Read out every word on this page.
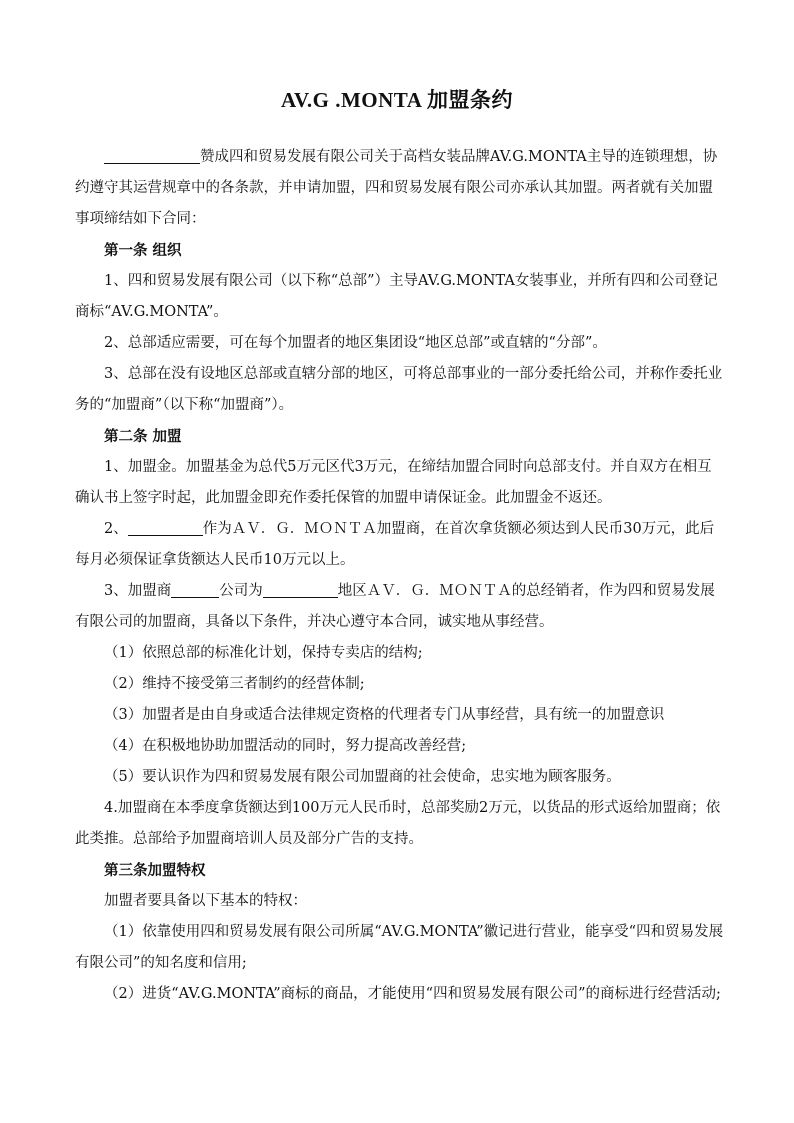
AV.G .MONTA 加盟条约

赞成四和贸易发展有限公司关于高档女装品牌AV.G.MONTA主导的连锁理想，协约遵守其运营规章中的各条款，并申请加盟，四和贸易发展有限公司亦承认其加盟。两者就有关加盟事项缔结如下合同：

第一条 组织

1、四和贸易发展有限公司（以下称“总部”）主导AV.G.MONTA女装事业，并所有四和公司登记商标“AV.G.MONTA”。

2、总部适应需要，可在每个加盟者的地区集团设“地区总部”或直辖的“分部”。

3、总部在没有设地区总部或直辖分部的地区，可将总部事业的一部分委托给公司，并称作委托业务的“加盟商”（以下称“加盟商”）。

第二条 加盟

1、加盟金。加盟基金为总代5万元区代3万元，在缔结加盟合同时向总部支付。并自双方在相互确认书上签字时起，此加盟金即充作委托保管的加盟申请保证金。此加盟金不返还。

2、	作为ＡＶ．Ｇ．ＭＯＮＴＡ加盟商，在首次拿货额必须达到人民币30万元，此后每月必须保证拿货额达人民币10万元以上。

3、加盟商	公司为	地区ＡＶ．Ｇ．ＭＯＮＴＡ的总经销者，作为四和贸易发展有限公司的加盟商，具备以下条件，并决心遵守本合同，诚实地从事经营。

（1）依照总部的标准化计划，保持专卖店的结构;

（2）维持不接受第三者制约的经营体制;

（3）加盟者是由自身或适合法律规定资格的代理者专门从事经营，具有统一的加盟意识

（4）在积极地协助加盟活动的同时，努力提高改善经营;

（5）要认识作为四和贸易发展有限公司加盟商的社会使命，忠实地为顾客服务。

4.加盟商在本季度拿货额达到100万元人民币时，总部奖励2万元，以货品的形式返给加盟商；依此类推。总部给予加盟商培训人员及部分广告的支持。

第三条加盟特权

加盟者要具备以下基本的特权：

（1）依靠使用四和贸易发展有限公司所属“AV.G.MONTA”徽记进行营业，能享受“四和贸易发展有限公司”的知名度和信用;

（2）进货“AV.G.MONTA”商标的商品，才能使用“四和贸易发展有限公司”的商标进行经营活动;
